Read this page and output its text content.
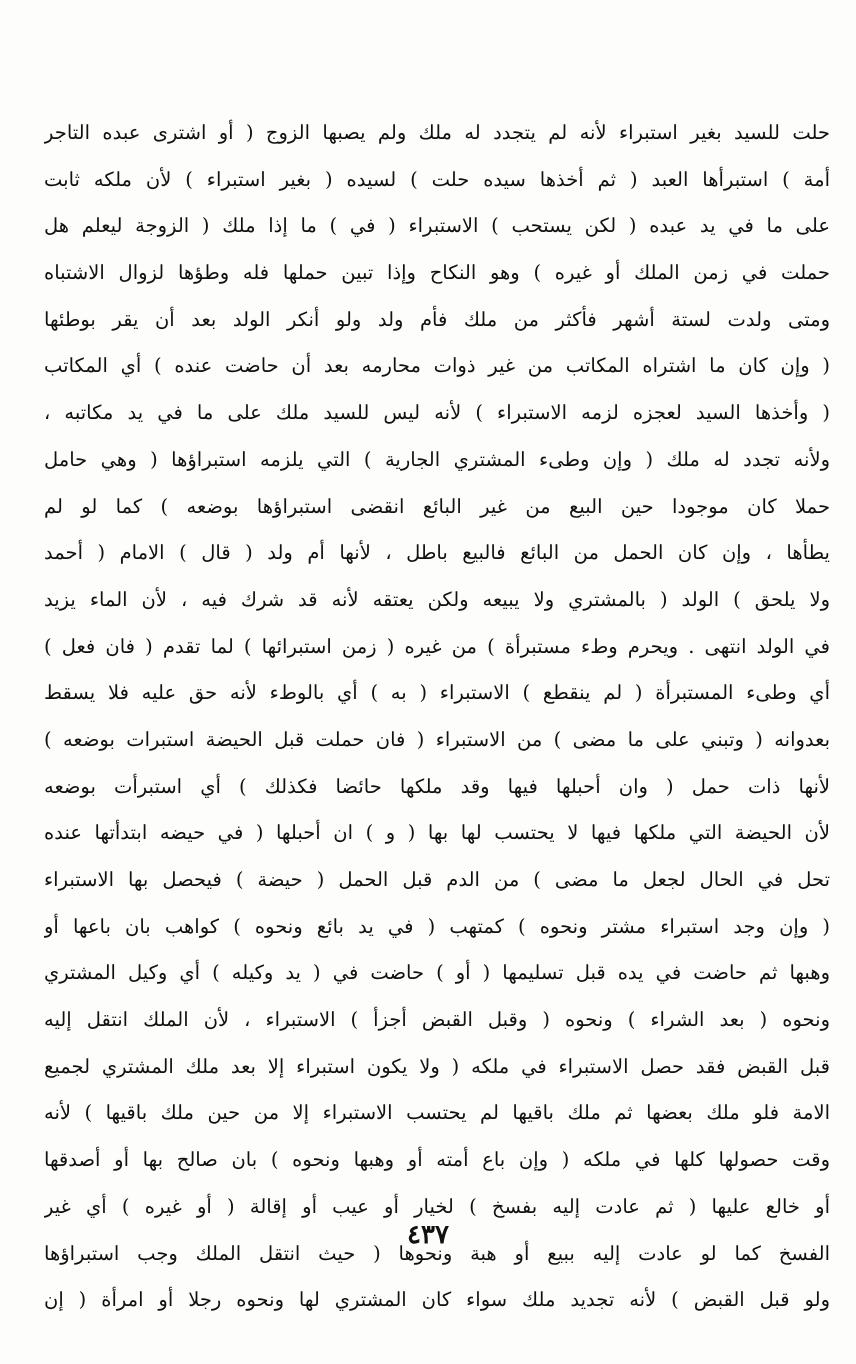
حلت للسيد بغير استبراء لأنه لم يتجدد له ملك ولم يصبها الزوج ( أو اشترى عبده التاجر
أمة ) استبرأها العبد ( ثم أخذها سيده حلت ) لسيده ( بغير استبراء ) لأن ملكه ثابت
على ما في يد عبده ( لكن يستحب ) الاستبراء ( في ) ما إذا ملك ( الزوجة ليعلم هل
حملت في زمن الملك أو غيره ) وهو النكاح وإذا تبين حملها فله وطؤها لزوال الاشتباه
ومتى ولدت لستة أشهر فأكثر من ملك فأم ولد ولو أنكر الولد بعد أن يقر بوطئها
( وإن كان ما اشتراه المكاتب من غير ذوات محارمه بعد أن حاضت عنده ) أي المكاتب
( وأخذها السيد لعجزه لزمه الاستبراء ) لأنه ليس للسيد ملك على ما في يد مكاتبه ،
ولأنه تجدد له ملك ( وإن وطىء المشتري الجارية ) التي يلزمه استبراؤها ( وهي حامل
حملا كان موجودا حين البيع من غير البائع انقضى استبراؤها بوضعه ) كما لو لم
يطأها ، وإن كان الحمل من البائع فالبيع باطل ، لأنها أم ولد ( قال ) الامام ( أحمد
ولا يلحق ) الولد ( بالمشتري ولا يبيعه ولكن يعتقه لأنه قد شرك فيه ، لأن الماء يزيد
في الولد انتهى . ويحرم وطء مستبرأة ) من غيره ( زمن استبرائها ) لما تقدم ( فان فعل )
أي وطىء المستبرأة ( لم ينقطع ) الاستبراء ( به ) أي بالوطء لأنه حق عليه فلا يسقط
بعدوانه ( وتبني على ما مضى ) من الاستبراء ( فان حملت قبل الحيضة استبرات بوضعه )
لأنها ذات حمل ( وان أحبلها فيها وقد ملكها حائضا فكذلك ) أي استبرأت بوضعه
لأن الحيضة التي ملكها فيها لا يحتسب لها بها ( و ) ان أحبلها ( في حيضه ابتدأتها عنده
تحل في الحال لجعل ما مضى ) من الدم قبل الحمل ( حيضة ) فيحصل بها الاستبراء
( وإن وجد استبراء مشتر ونحوه ) كمتهب ( في يد بائع ونحوه ) كواهب بان باعها أو
وهبها ثم حاضت في يده قبل تسليمها ( أو ) حاضت في ( يد وكيله ) أي وكيل المشتري
ونحوه ( بعد الشراء ) ونحوه ( وقبل القبض أجزأ ) الاستبراء ، لأن الملك انتقل إليه
قبل القبض فقد حصل الاستبراء في ملكه ( ولا يكون استبراء إلا بعد ملك المشتري لجميع
الامة فلو ملك بعضها ثم ملك باقيها لم يحتسب الاستبراء إلا من حين ملك باقيها ) لأنه
وقت حصولها كلها في ملكه ( وإن باع أمته أو وهبها ونحوه ) بان صالح بها أو أصدقها
أو خالع عليها ( ثم عادت إليه بفسخ ) لخيار أو عيب أو إقالة ( أو غيره ) أي غير
الفسخ كما لو عادت إليه ببيع أو هبة ونحوها ( حيث انتقل الملك وجب استبراؤها
ولو قبل القبض ) لأنه تجديد ملك سواء كان المشتري لها ونحوه رجلا أو امرأة ( إن
٤٣٧
